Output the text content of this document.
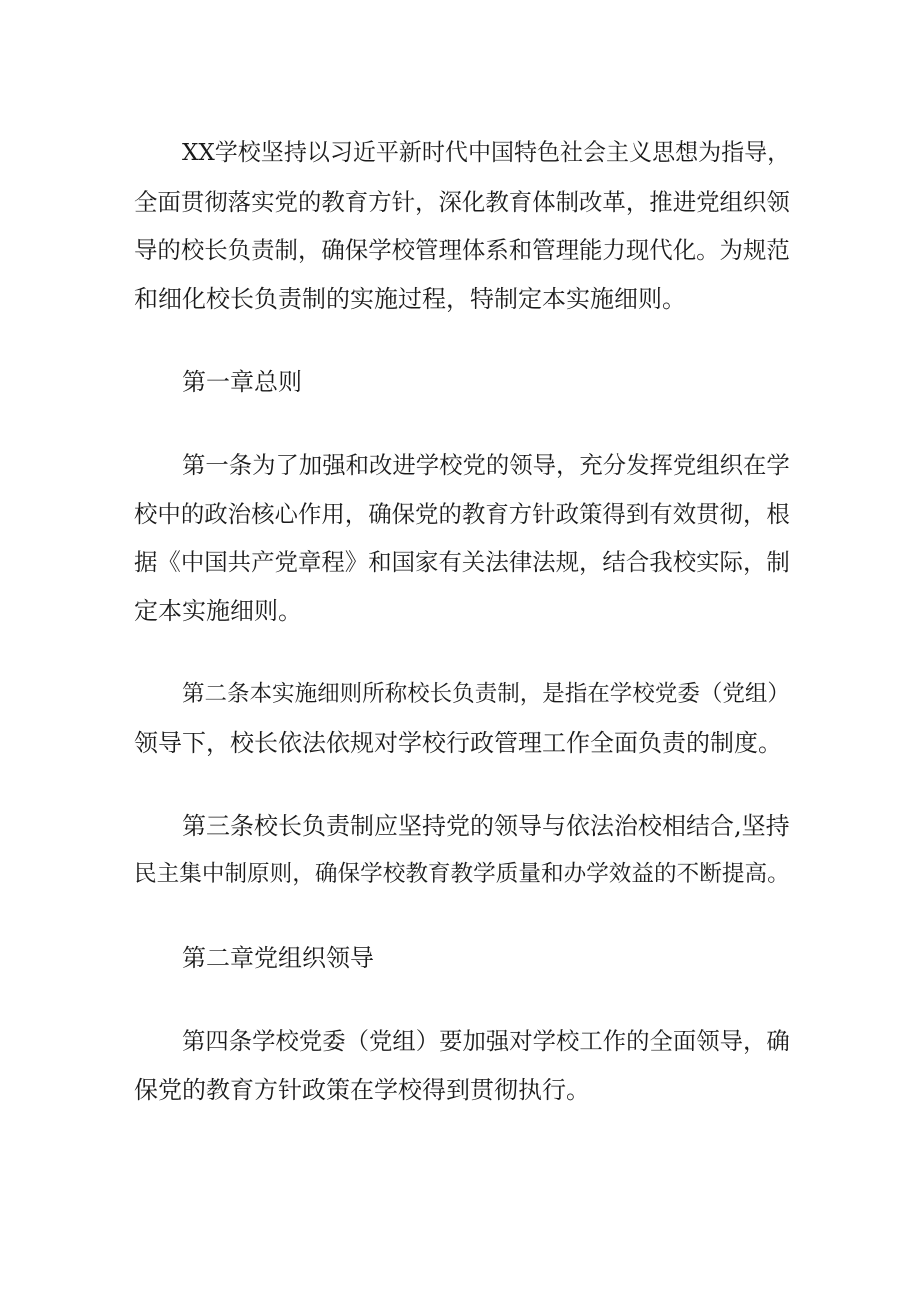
XX学校坚持以习近平新时代中国特色社会主义思想为指导，
全面贯彻落实党的教育方针，深化教育体制改革，推进党组织领
导的校长负责制，确保学校管理体系和管理能力现代化。为规范
和细化校长负责制的实施过程，特制定本实施细则。
第一章总则
第一条为了加强和改进学校党的领导，充分发挥党组织在学
校中的政治核心作用，确保党的教育方针政策得到有效贯彻，根
据《中国共产党章程》和国家有关法律法规，结合我校实际，制
定本实施细则。
第二条本实施细则所称校长负责制，是指在学校党委（党组）
领导下，校长依法依规对学校行政管理工作全面负责的制度。
第三条校长负责制应坚持党的领导与依法治校相结合,坚持
民主集中制原则，确保学校教育教学质量和办学效益的不断提高。
第二章党组织领导
第四条学校党委（党组）要加强对学校工作的全面领导，确
保党的教育方针政策在学校得到贯彻执行。
